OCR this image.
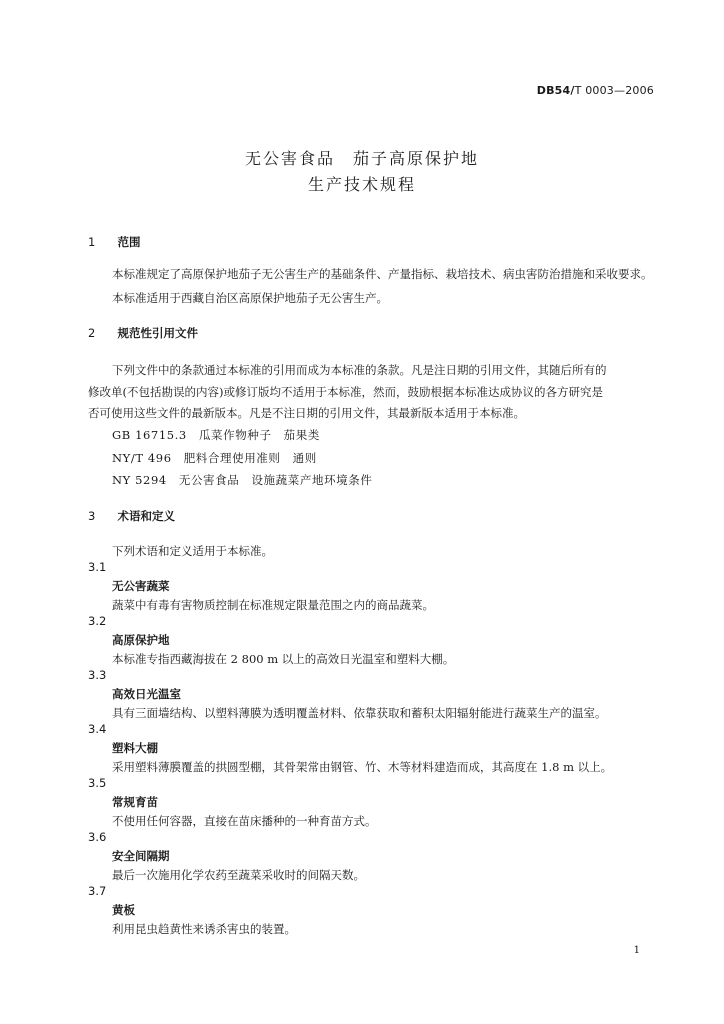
DB54/T 0003—2006
无公害食品　茄子高原保护地
生产技术规程
1　 范围
本标准规定了高原保护地茄子无公害生产的基础条件、产量指标、栽培技术、病虫害防治措施和采收要求。
本标准适用于西藏自治区高原保护地茄子无公害生产。
2　 规范性引用文件
下列文件中的条款通过本标准的引用而成为本标准的条款。凡是注日期的引用文件，其随后所有的
修改单(不包括勘误的内容)或修订版均不适用于本标准，然而，鼓励根据本标准达成协议的各方研究是
否可使用这些文件的最新版本。凡是不注日期的引用文件，其最新版本适用于本标准。
GB 16715.3　瓜菜作物种子　茄果类
NY/T 496　肥料合理使用准则　通则
NY 5294　无公害食品　设施蔬菜产地环境条件
3　 术语和定义
下列术语和定义适用于本标准。
3.1
无公害蔬菜
蔬菜中有毒有害物质控制在标准规定限量范围之内的商品蔬菜。
3.2
高原保护地
本标准专指西藏海拔在 2 800 m 以上的高效日光温室和塑料大棚。
3.3
高效日光温室
具有三面墙结构、以塑料薄膜为透明覆盖材料、依靠获取和蓄积太阳辐射能进行蔬菜生产的温室。
3.4
塑料大棚
采用塑料薄膜覆盖的拱圆型棚，其骨架常由钢管、竹、木等材料建造而成，其高度在 1.8 m 以上。
3.5
常规育苗
不使用任何容器，直接在苗床播种的一种育苗方式。
3.6
安全间隔期
最后一次施用化学农药至蔬菜采收时的间隔天数。
3.7
黄板
利用昆虫趋黄性来诱杀害虫的装置。
1
